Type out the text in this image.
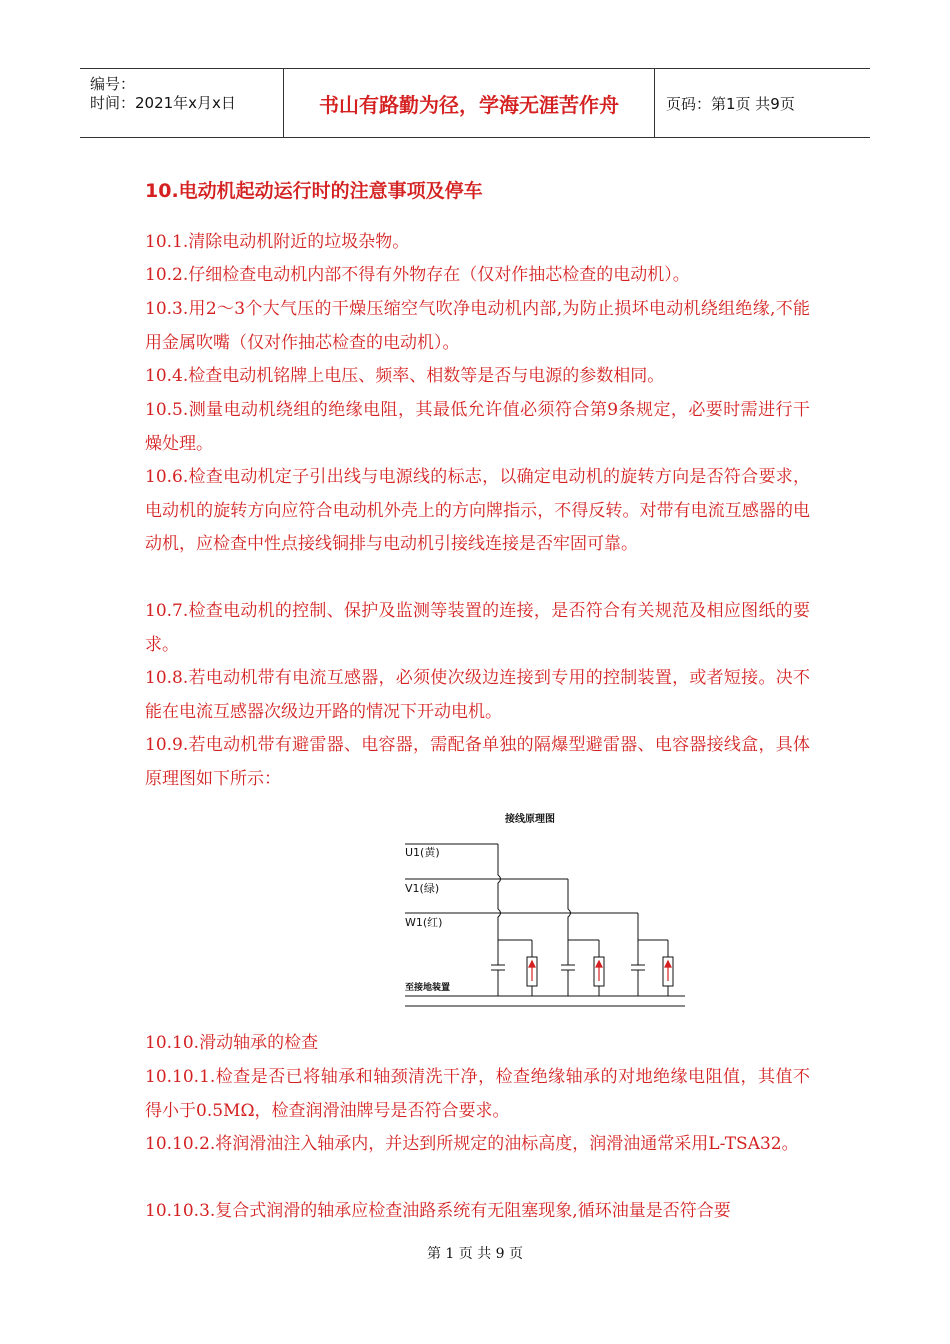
编号：
时间：2021年x月x日	书山有路勤为径，学海无涯苦作舟	页码：第1页 共9页
10.电动机起动运行时的注意事项及停车
10.1.清除电动机附近的垃圾杂物。
10.2.仔细检查电动机内部不得有外物存在（仅对作抽芯检查的电动机）。
10.3.用2～3个大气压的干燥压缩空气吹净电动机内部,为防止损坏电动机绕组绝缘,不能用金属吹嘴（仅对作抽芯检查的电动机）。
10.4.检查电动机铭牌上电压、频率、相数等是否与电源的参数相同。
10.5.测量电动机绕组的绝缘电阻，其最低允许值必须符合第9条规定，必要时需进行干燥处理。
10.6.检查电动机定子引出线与电源线的标志，以确定电动机的旋转方向是否符合要求，电动机的旋转方向应符合电动机外壳上的方向牌指示，不得反转。对带有电流互感器的电动机，应检查中性点接线铜排与电动机引接线连接是否牢固可靠。
10.7.检查电动机的控制、保护及监测等装置的连接，是否符合有关规范及相应图纸的要求。
10.8.若电动机带有电流互感器，必须使次级边连接到专用的控制装置，或者短接。决不能在电流互感器次级边开路的情况下开动电机。
10.9.若电动机带有避雷器、电容器，需配备单独的隔爆型避雷器、电容器接线盒，具体原理图如下所示：
接线原理图
U1(黄)
V1(绿)
W1(红)
至接地装置
10.10.滑动轴承的检查
10.10.1.检查是否已将轴承和轴颈清洗干净，检查绝缘轴承的对地绝缘电阻值，其值不得小于0.5MΩ，检查润滑油牌号是否符合要求。
10.10.2.将润滑油注入轴承内，并达到所规定的油标高度，润滑油通常采用L-TSA32。
10.10.3.复合式润滑的轴承应检查油路系统有无阻塞现象,循环油量是否符合要
第 1 页 共 9 页
